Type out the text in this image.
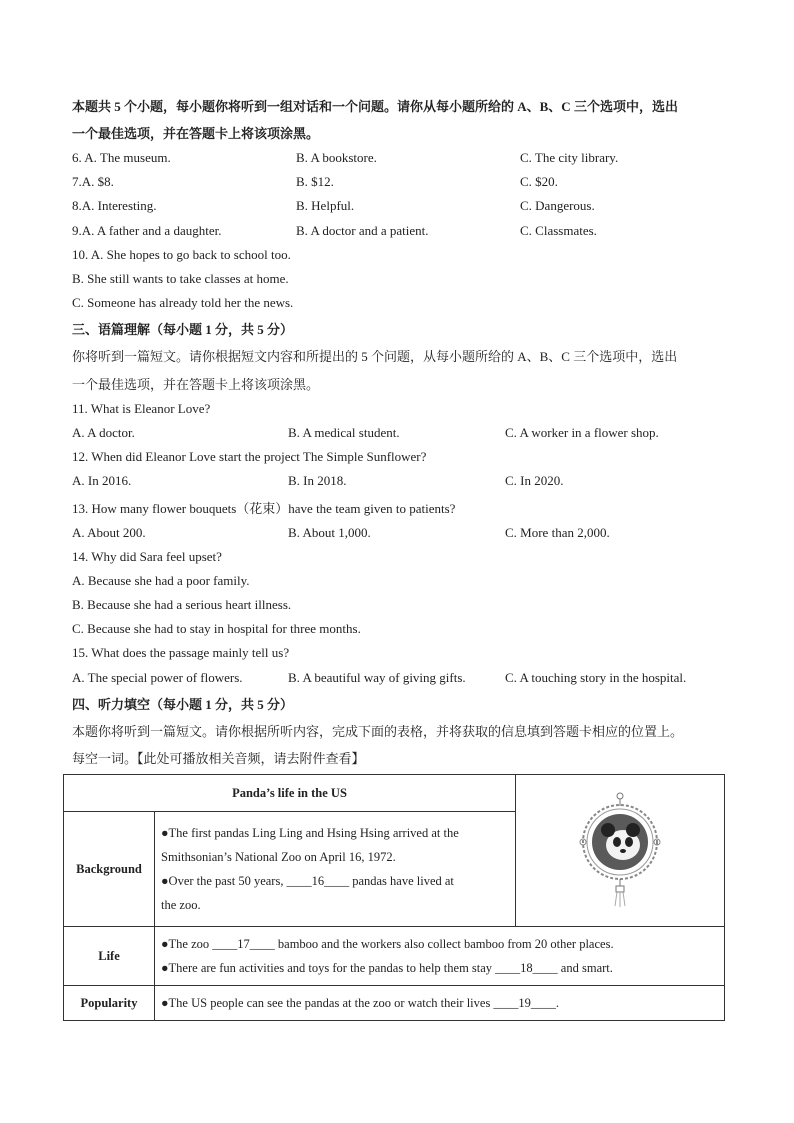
本题共 5 个小题，每小题你将听到一组对话和一个问题。请你从每小题所给的 A、B、C 三个选项中，选出
一个最佳选项，并在答题卡上将该项涂黑。
6. A. The museum.	B. A bookstore.	C. The city library.
7.A. $8.	B. $12.	C. $20.
8.A. Interesting.	B. Helpful.	C. Dangerous.
9.A. A father and a daughter.	B. A doctor and a patient.	C. Classmates.
10. A. She hopes to go back to school too.
B. She still wants to take classes at home.
C. Someone has already told her the news.
三、语篇理解（每小题 1 分，共 5 分）
你将听到一篇短文。请你根据短文内容和所提出的 5 个问题，从每小题所给的 A、B、C 三个选项中，选出
一个最佳选项，并在答题卡上将该项涂黑。
11. What is Eleanor Love?
A. A doctor.	B. A medical student.	C. A worker in a flower shop.
12. When did Eleanor Love start the project The Simple Sunflower?
A. In 2016.	B. In 2018.	C. In 2020.
13. How many flower bouquets（花束）have the team given to patients?
A. About 200.	B. About 1,000.	C. More than 2,000.
14. Why did Sara feel upset?
A. Because she had a poor family.
B. Because she had a serious heart illness.
C. Because she had to stay in hospital for three months.
15. What does the passage mainly tell us?
A. The special power of flowers.	B. A beautiful way of giving gifts.	C. A touching story in the hospital.
四、听力填空（每小题 1 分，共 5 分）
本题你将听到一篇短文。请你根据所听内容，完成下面的表格，并将获取的信息填到答题卡相应的位置上。
每空一词。【此处可播放相关音频，请去附件查看】
Panda’s life in the US	
Background	●The first pandas Ling Ling and Hsing Hsing arrived at the
Smithsonian’s National Zoo on April 16, 1972.
●Over the past 50 years, ____16____ pandas have lived at
the zoo.	

Life	●The zoo ____17____ bamboo and the workers also collect bamboo from 20 other places.
●There are fun activities and toys for the pandas to help them stay ____18____ and smart.	

Popularity	●The US people can see the pandas at the zoo or watch their lives ____19____.	
